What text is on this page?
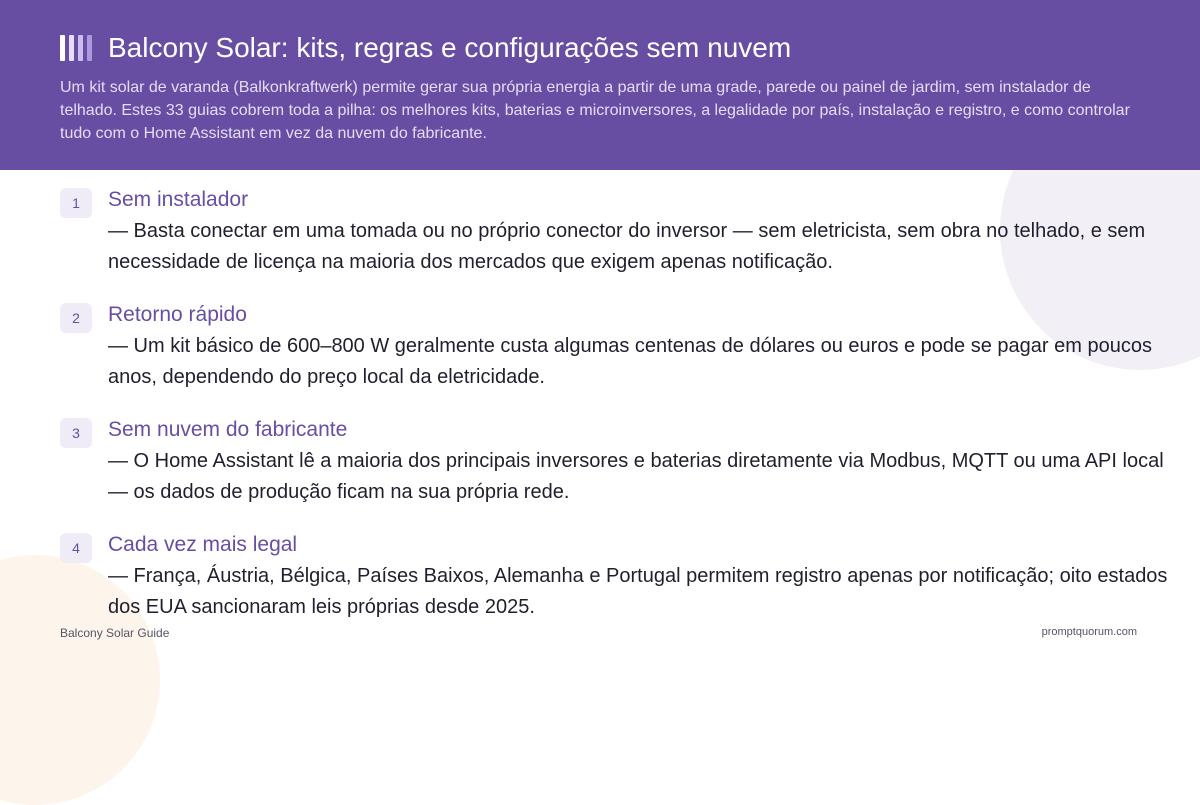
Balcony Solar: kits, regras e configurações sem nuvem

Um kit solar de varanda (Balkonkraftwerk) permite gerar sua própria energia a partir de uma grade, parede ou painel de jardim, sem instalador de telhado. Estes 33 guias cobrem toda a pilha: os melhores kits, baterias e microinversores, a legalidade por país, instalação e registro, e como controlar tudo com o Home Assistant em vez da nuvem do fabricante.

1	Sem instalador

— Basta conectar em uma tomada ou no próprio conector do inversor — sem eletricista, sem obra no telhado, e sem necessidade de licença na maioria dos mercados que exigem apenas notificação.

2	Retorno rápido

— Um kit básico de 600–800 W geralmente custa algumas centenas de dólares ou euros e pode se pagar em poucos anos, dependendo do preço local da eletricidade.

3	Sem nuvem do fabricante

— O Home Assistant lê a maioria dos principais inversores e baterias diretamente via Modbus, MQTT ou uma API local — os dados de produção ficam na sua própria rede.

4	Cada vez mais legal

— França, Áustria, Bélgica, Países Baixos, Alemanha e Portugal permitem registro apenas por notificação; oito estados dos EUA sancionaram leis próprias desde 2025.

Balcony Solar Guide	promptquorum.com
